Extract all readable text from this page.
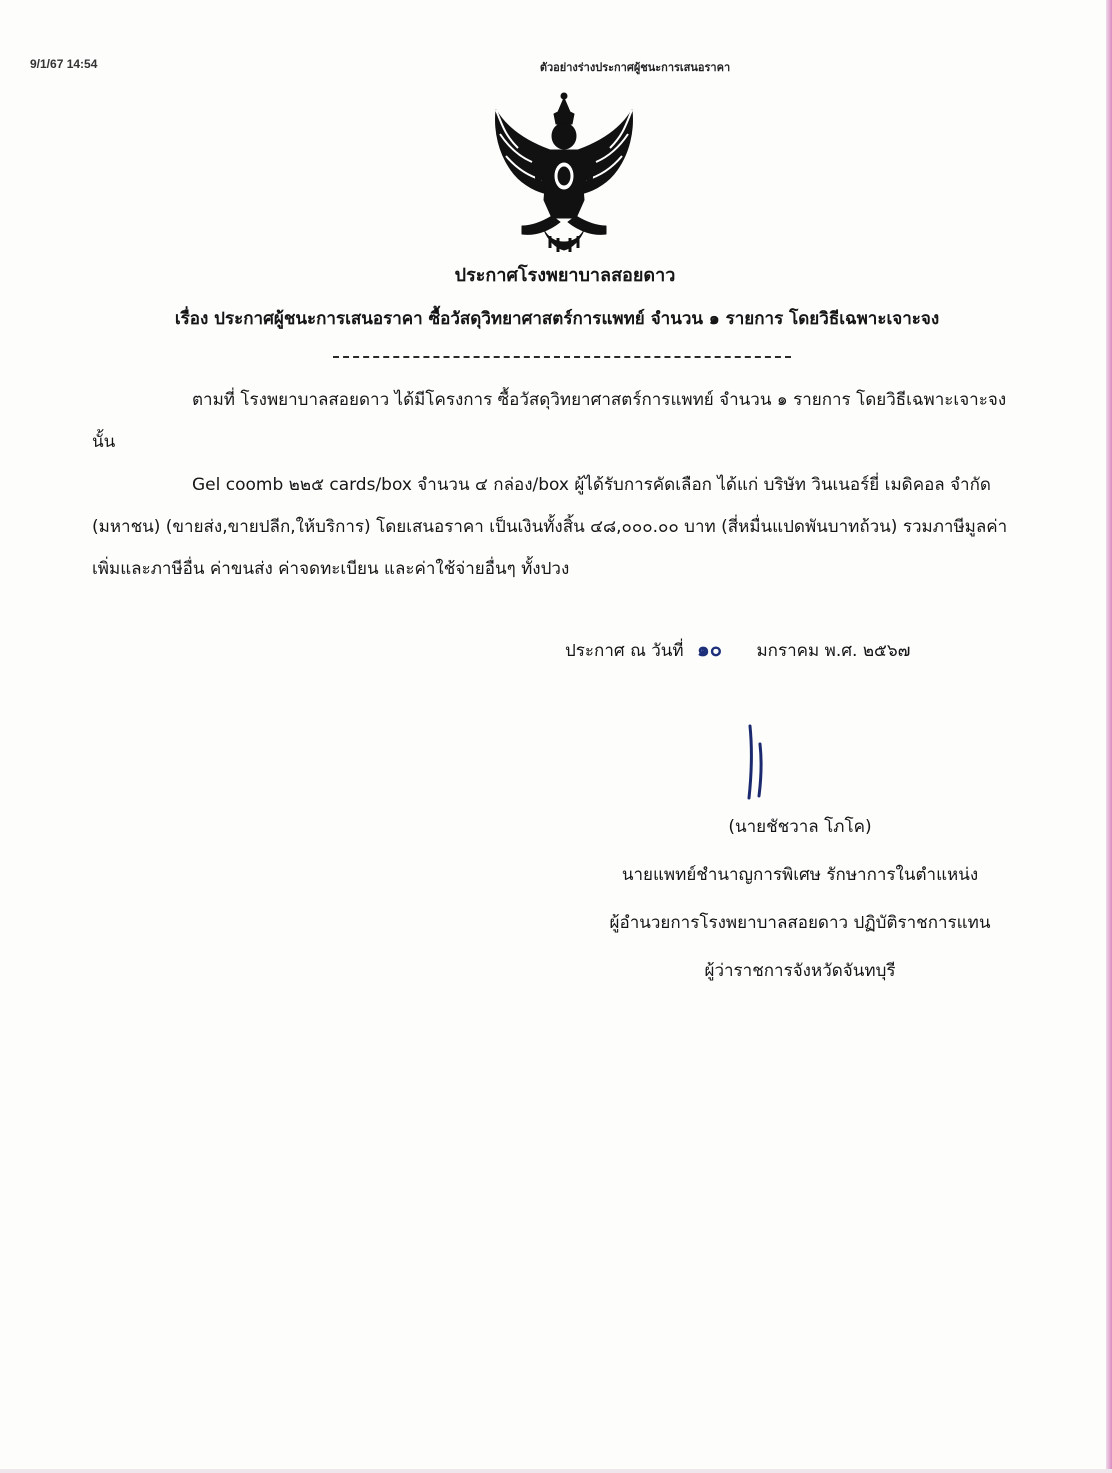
9/1/67 14:54	ตัวอย่างร่างประกาศผู้ชนะการเสนอราคา
ประกาศโรงพยาบาลสอยดาว
เรื่อง ประกาศผู้ชนะการเสนอราคา ซื้อวัสดุวิทยาศาสตร์การแพทย์ จำนวน ๑ รายการ โดยวิธีเฉพาะเจาะจง

ตามที่ โรงพยาบาลสอยดาว ได้มีโครงการ ซื้อวัสดุวิทยาศาสตร์การแพทย์ จำนวน ๑ รายการ โดยวิธีเฉพาะเจาะจง นั้น

Gel coomb ๒๒๕ cards/box จำนวน ๔ กล่อง/box ผู้ได้รับการคัดเลือก ได้แก่ บริษัท วินเนอร์ยี่ เมดิคอล จำกัด (มหาชน) (ขายส่ง,ขายปลีก,ให้บริการ) โดยเสนอราคา เป็นเงินทั้งสิ้น ๔๘,๐๐๐.๐๐ บาท (สี่หมื่นแปดพันบาทถ้วน) รวมภาษีมูลค่าเพิ่มและภาษีอื่น ค่าขนส่ง ค่าจดทะเบียน และค่าใช้จ่ายอื่นๆ ทั้งปวง

ประกาศ ณ วันที่ ๑๐ มกราคม พ.ศ. ๒๕๖๗
(นายชัชวาล โภโค)
นายแพทย์ชำนาญการพิเศษ รักษาการในตำแหน่ง
ผู้อำนวยการโรงพยาบาลสอยดาว ปฏิบัติราชการแทน
ผู้ว่าราชการจังหวัดจันทบุรี
